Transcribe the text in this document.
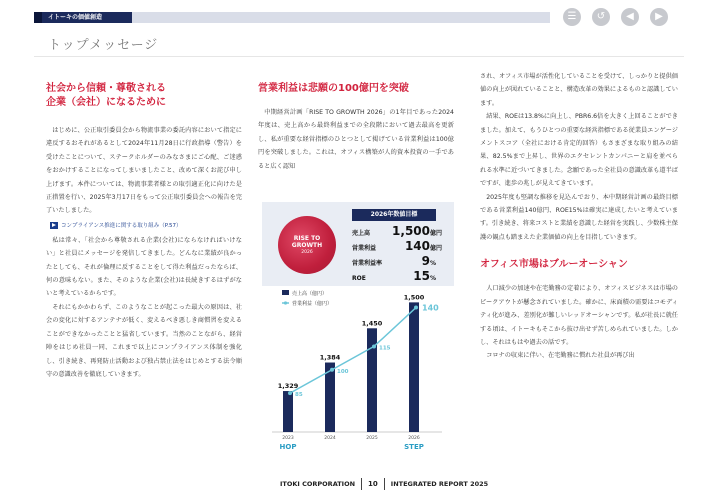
イトーキの価値創造	☰	↺	◀	▶
トップメッセージ
社会から信頼・尊敬される
企業（会社）になるために

はじめに、公正取引委員会から物流事業の委託内容において指定に違反するおそれがあるとして2024年11月28日に行政指導（警告）を受けたことについて、ステークホルダーのみなさまにご心配、ご迷惑をおかけすることになってしまいましたこと、改めて深くお詫び申し上げます。本件については、物流事業者様との取引適正化に向けた是正措置を行い、2025年3月17日をもって公正取引委員会への報告を完了いたしました。

コンプライアンス推進に関する取り組み（P.57）

私は常々、「社会から尊敬される企業(会社)にならなければいけない」と社員にメッセージを発信してきました。どんなに業績が良かったとしても、それが倫理に反することをして得た利益だったならば、何の意味もない。また、そのような企業(会社)は長続きするはずがないと考えているからです。

それにもかかわらず、このようなことが起こった最大の原因は、社会の変化に対するアンテナが低く、変えるべき悪しき商慣習を変えることができなかったことと猛省しています。当然のことながら、経営陣をはじめ社員一同、これまで以上にコンプライアンス体制を強化し、引き続き、再発防止活動および独占禁止法をはじめとする法令順守の意識改善を徹底していきます。

営業利益は悲願の100億円を突破

中期経営計画「RISE TO GROWTH 2026」の1年目であった2024年度は、売上高から最終利益までの全段階において過去最高を更新し、私が重要な経営指標のひとつとして掲げている営業利益は100億円を突破しました。これは、オフィス構築が人的資本投資の一手であると広く認知

RISE TO
GROWTH
2026
2026年数値目標
売上高	1,500 億円
営業利益	140 億円
営業利益率	9 %
ROE	15 %
売上高（億円）
営業利益（億円）
1,329
2023
1,384
2024
1,450
2025
1,500
2026
85
100
115
140
HOP	STEP

され、オフィス市場が活性化していることを受けて、しっかりと提供価値の向上が図れていることと、構造改革の効果によるものと認識しています。

結果、ROEは13.8%に向上し、PBR6.6倍を大きく上回ることができました。加えて、もうひとつの重要な経営指標である従業員エンゲージメントスコア（全社における肯定的回答）もさまざまな取り組みの結果、82.5%まで上昇し、世界のエクセレントカンパニーと肩を並べられる水準に近づいてきました。念願であった全社員の意識改革も道半ばですが、進歩の兆しが見えてきています。

2025年度も堅調な推移を見込んでおり、本中期経営計画の最終目標である営業利益140億円、ROE15%は確実に達成したいと考えています。引き続き、将来コストと業績を意識した経営を実践し、少数株主保護の観点も踏まえた企業価値の向上を目指していきます。

オフィス市場はブルーオーシャン

人口減少の加速や在宅勤務の定着により、オフィスビジネスは市場のピークアウトが懸念されていました。確かに、床面積の需要はコモディティ化が進み、差別化が難しいレッドオーシャンです。私が社長に就任する頃は、イトーキもそこから抜け出せず苦しめられていました。しかし、それはもはや過去の話です。

コロナの収束に伴い、在宅勤務に慣れた社員が再び出

ITOKI CORPORATION 10 INTEGRATED REPORT 2025
